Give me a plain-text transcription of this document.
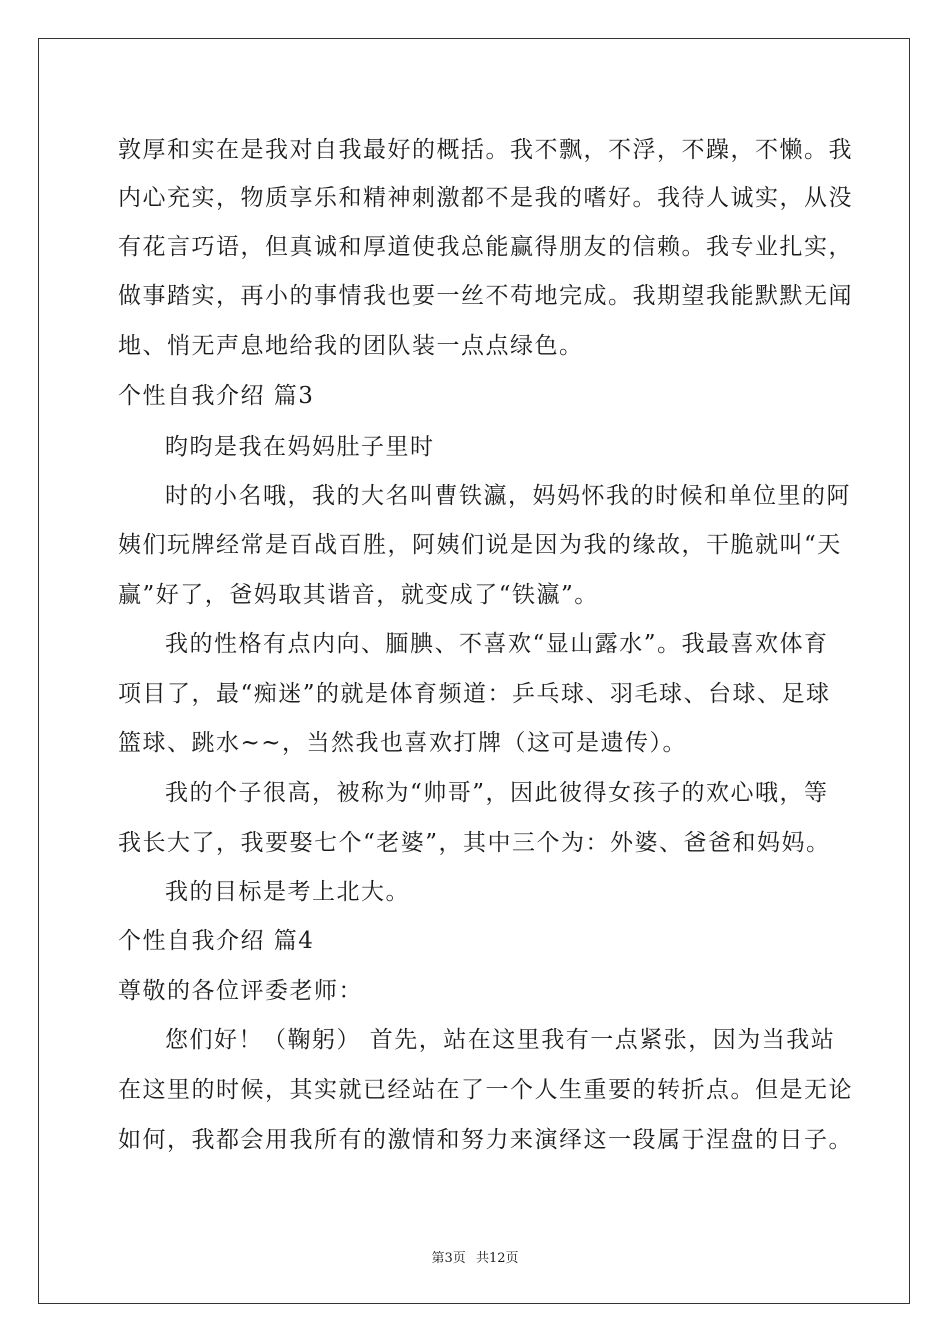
敦厚和实在是我对自我最好的概括。我不飘，不浮，不躁，不懒。我
内心充实，物质享乐和精神刺激都不是我的嗜好。我待人诚实，从没
有花言巧语，但真诚和厚道使我总能赢得朋友的信赖。我专业扎实，
做事踏实，再小的事情我也要一丝不苟地完成。我期望我能默默无闻
地、悄无声息地给我的团队装一点点绿色。
个性自我介绍 篇3
昀昀是我在妈妈肚子里时
时的小名哦，我的大名叫曹铁瀛，妈妈怀我的时候和单位里的阿
姨们玩牌经常是百战百胜，阿姨们说是因为我的缘故，干脆就叫“天
赢”好了，爸妈取其谐音，就变成了“铁瀛”。
我的性格有点内向、腼腆、不喜欢“显山露水”。我最喜欢体育
项目了，最“痴迷”的就是体育频道：乒乓球、羽毛球、台球、足球
篮球、跳水~~，当然我也喜欢打牌（这可是遗传）。
我的个子很高，被称为“帅哥”，因此彼得女孩子的欢心哦，等
我长大了，我要娶七个“老婆”，其中三个为：外婆、爸爸和妈妈。
我的目标是考上北大。
个性自我介绍 篇4
尊敬的各位评委老师：
您们好！（鞠躬） 首先，站在这里我有一点紧张，因为当我站
在这里的时候，其实就已经站在了一个人生重要的转折点。但是无论
如何，我都会用我所有的激情和努力来演绎这一段属于涅盘的日子。
第3页 共12页
